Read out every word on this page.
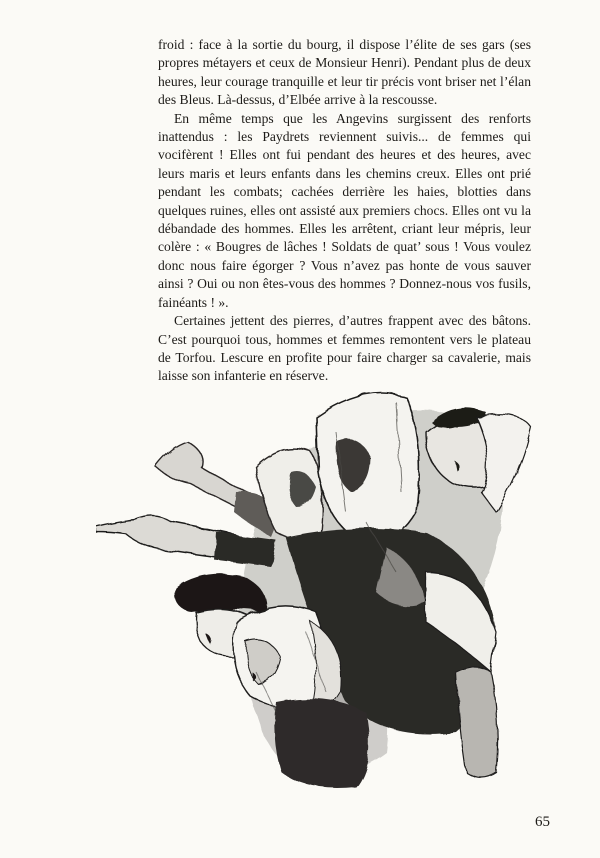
froid : face à la sortie du bourg, il dispose l’élite de ses gars (ses propres métayers et ceux de Monsieur Henri). Pendant plus de deux heures, leur courage tranquille et leur tir précis vont briser net l’élan des Bleus. Là-dessus, d’Elbée arrive à la rescousse.

En même temps que les Angevins surgissent des renforts inattendus : les Paydrets reviennent suivis... de femmes qui vocifèrent ! Elles ont fui pendant des heures et des heures, avec leurs maris et leurs enfants dans les chemins creux. Elles ont prié pendant les combats; cachées derrière les haies, blotties dans quelques ruines, elles ont assisté aux premiers chocs. Elles ont vu la débandade des hommes. Elles les arrêtent, criant leur mépris, leur colère : « Bougres de lâches ! Soldats de quat’ sous ! Vous voulez donc nous faire égorger ? Vous n’avez pas honte de vous sauver ainsi ? Oui ou non êtes-vous des hommes ? Donnez-nous vos fusils, fainéants ! ».

Certaines jettent des pierres, d’autres frappent avec des bâtons. C’est pourquoi tous, hommes et femmes remontent vers le plateau de Torfou. Lescure en profite pour faire charger sa cavalerie, mais laisse son infanterie en réserve.

65
